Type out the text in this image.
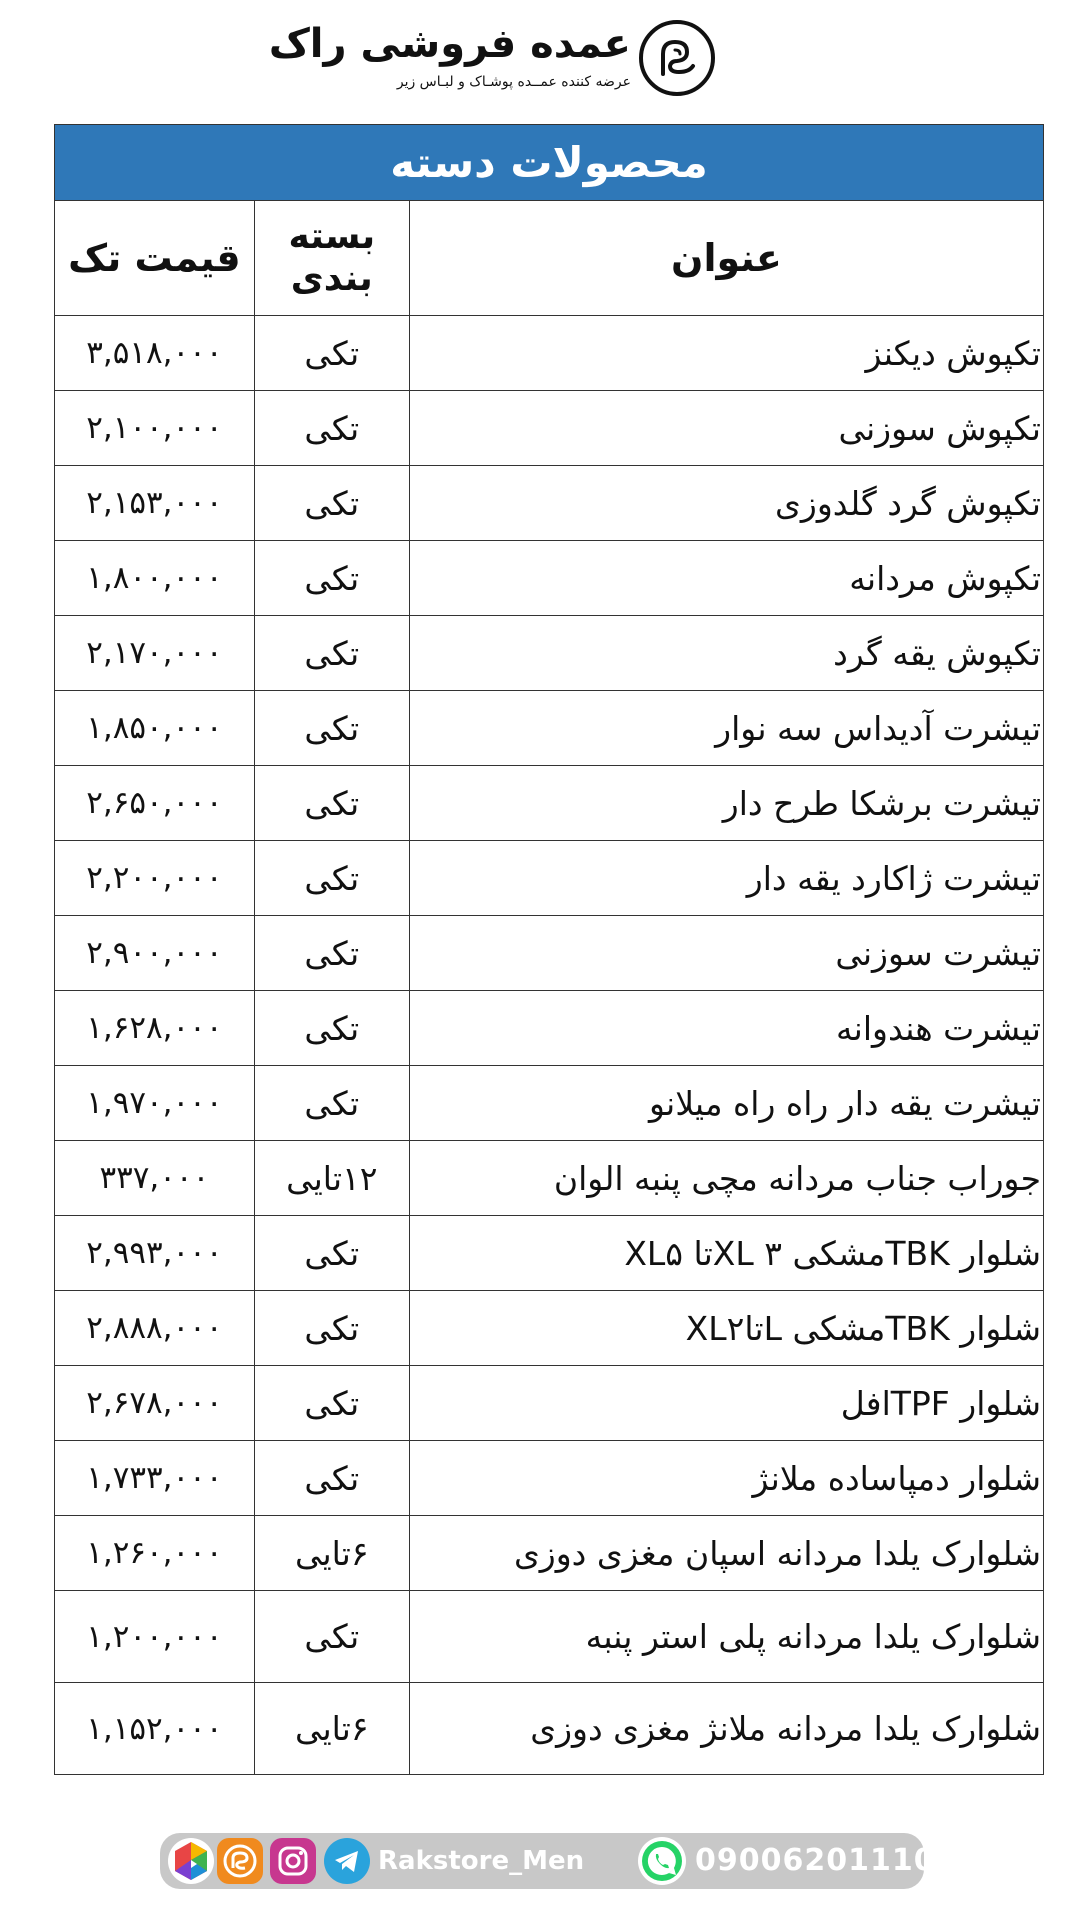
عمده فروشی راک
عرضه کننده عمــده پوشـاک و لبـاس زیر
محصولات دسته
عنوان	بسته بندی	قیمت تک
تکپوش دیکنز	تکی	۳,۵۱۸,۰۰۰
تکپوش سوزنی	تکی	۲,۱۰۰,۰۰۰
تکپوش گرد گلدوزی	تکی	۲,۱۵۳,۰۰۰
تکپوش مردانه	تکی	۱,۸۰۰,۰۰۰
تکپوش یقه گرد	تکی	۲,۱۷۰,۰۰۰
تیشرت آدیداس سه نوار	تکی	۱,۸۵۰,۰۰۰
تیشرت برشکا طرح دار	تکی	۲,۶۵۰,۰۰۰
تیشرت ژاکارد یقه دار	تکی	۲,۲۰۰,۰۰۰
تیشرت سوزنی	تکی	۲,۹۰۰,۰۰۰
تیشرت هندوانه	تکی	۱,۶۲۸,۰۰۰
تیشرت یقه دار راه راه میلانو	تکی	۱,۹۷۰,۰۰۰
جوراب جناب مردانه مچی پنبه الوان	۱۲تایی	۳۳۷,۰۰۰
شلوار TBKمشکی ۳ XLتا XL۵	تکی	۲,۹۹۳,۰۰۰
شلوار TBKمشکی LتاXL۲	تکی	۲,۸۸۸,۰۰۰
شلوار TPFافل	تکی	۲,۶۷۸,۰۰۰
شلوار دمپاساده ملانژ	تکی	۱,۷۳۳,۰۰۰
شلوارک یلدا مردانه اسپان مغزی دوزی	۶تایی	۱,۲۶۰,۰۰۰
شلوارک یلدا مردانه پلی استر پنبه	تکی	۱,۲۰۰,۰۰۰
شلوارک یلدا مردانه ملانژ مغزی دوزی	۶تایی	۱,۱۵۲,۰۰۰
Rakstore_Men	09006201110
